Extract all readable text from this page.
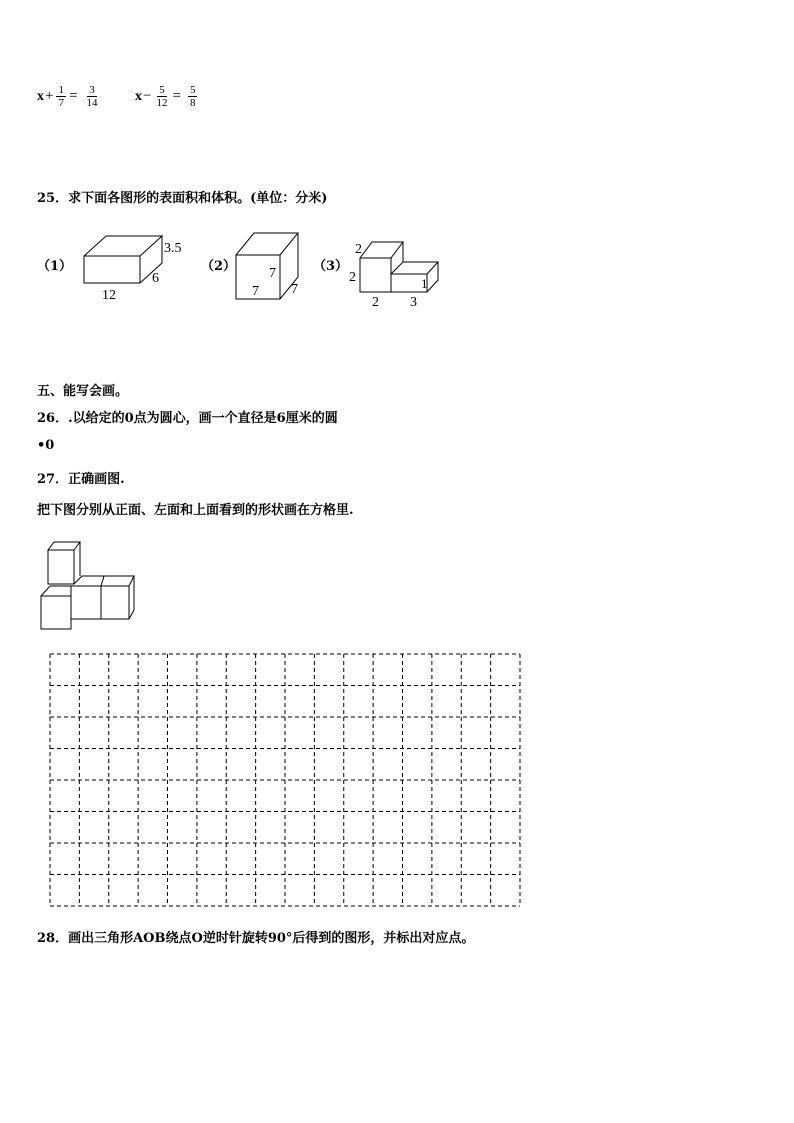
$x + \frac{1}{7} = \frac{3}{14}$	$x - \frac{5}{12} = \frac{5}{8}$
25．求下面各图形的表面积和体积。(单位：分米)
（1）
3.5
6
12
（2） 7
7 7
（3）
2
2	1
2 3
五、能写会画。
26．.以给定的0点为圆心，画一个直径是6厘米的圆
•0
27．正确画图.
把下图分别从正面、左面和上面看到的形状画在方格里.
28．画出三角形AOB绕点O逆时针旋转90°后得到的图形，并标出对应点。
